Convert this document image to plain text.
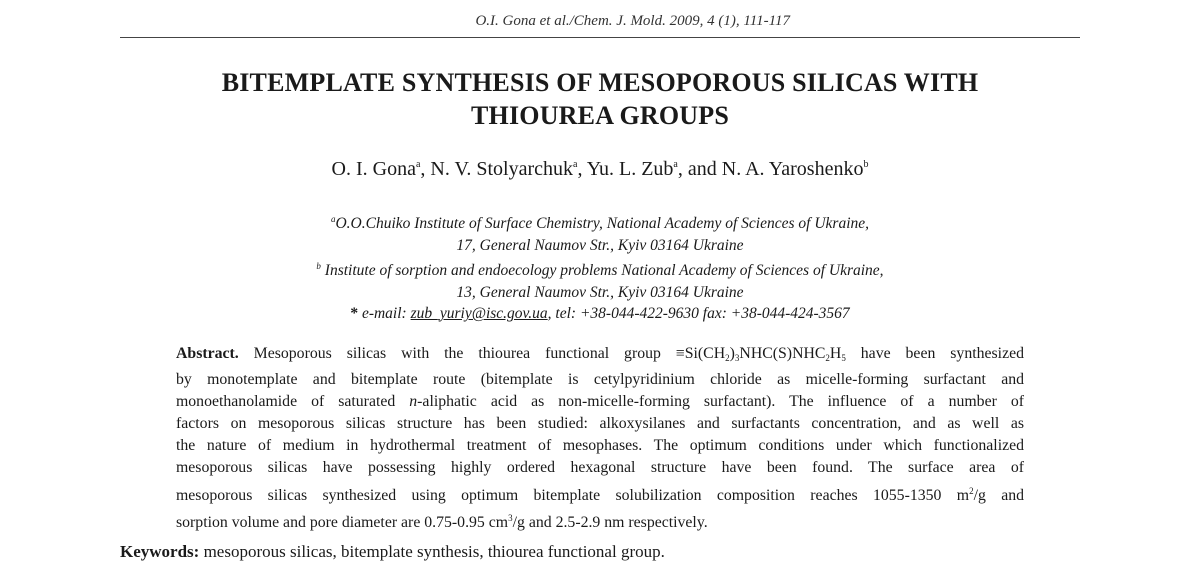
O.I. Gona et al./Chem. J. Mold. 2009, 4 (1), 111-117
BITEMPLATE SYNTHESIS OF MESOPOROUS SILICAS WITH
THIOUREA GROUPS
O. I. Gona$^a$, N. V. Stolyarchuk$^a$, Yu. L. Zub$^a$, and N. A. Yaroshenko$^b$
$^a$O.O.Chuiko Institute of Surface Chemistry, National Academy of Sciences of Ukraine,
17, General Naumov Str., Kyiv 03164 Ukraine
$^b$ Institute of sorption and endoecology problems National Academy of Sciences of Ukraine,
13, General Naumov Str., Kyiv 03164 Ukraine
* e-mail: zub_yuriy@isc.gov.ua, tel: +38-044-422-9630 fax: +38-044-424-3567
Abstract. Mesoporous silicas with the thiourea functional group $\equiv Si(CH_2)_3NHC(S)NHC_2H_5$ have been synthesized
by monotemplate and bitemplate route (bitemplate is cetylpyridinium chloride as micelle-forming surfactant and
monoethanolamide of saturated n-aliphatic acid as non-micelle-forming surfactant). The influence of a number of
factors on mesoporous silicas structure has been studied: alkoxysilanes and surfactants concentration, and as well as
the nature of medium in hydrothermal treatment of mesophases. The optimum conditions under which functionalized
mesoporous silicas have possessing highly ordered hexagonal structure have been found. The surface area of
mesoporous silicas synthesized using optimum bitemplate solubilization composition reaches 1055-1350 $m^2/g$ and
sorption volume and pore diameter are 0.75-0.95 $cm^3/g$ and 2.5-2.9 nm respectively.
Keywords: mesoporous silicas, bitemplate synthesis, thiourea functional group.
